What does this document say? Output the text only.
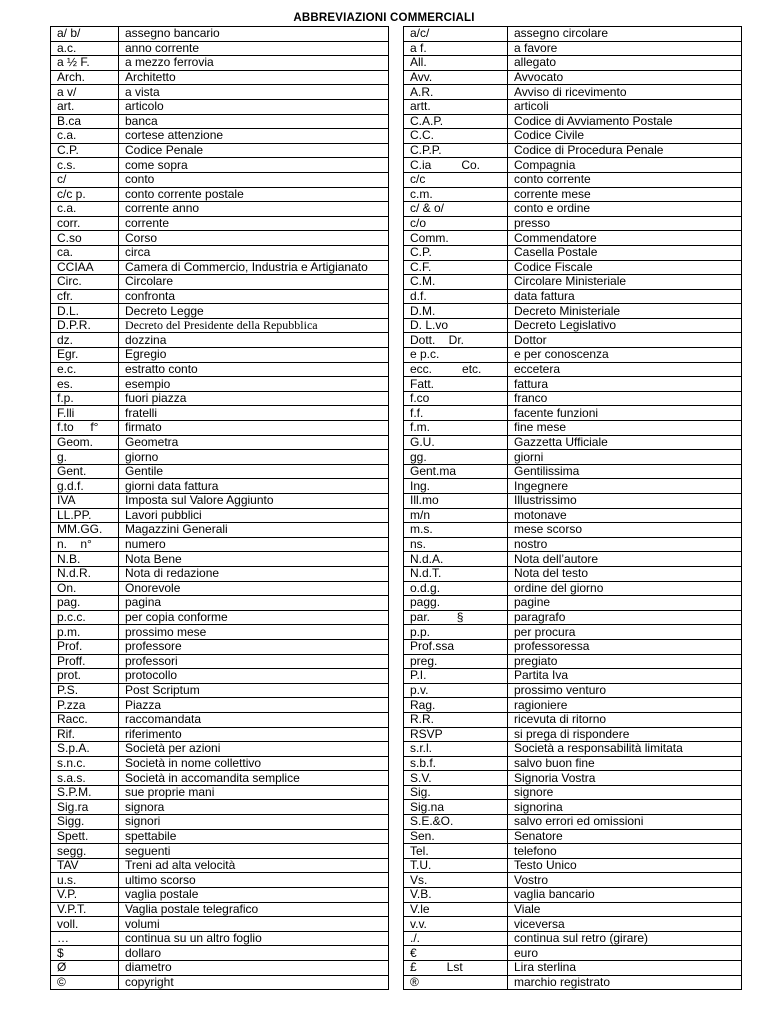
ABBREVIAZIONI COMMERCIALI
a/ b/	assegno bancario
a.c.	anno corrente
a ½ F.	a mezzo ferrovia
Arch.	Architetto
a v/	a vista
art.	articolo
B.ca	banca
c.a.	cortese attenzione
C.P.	Codice Penale
c.s.	come sopra
c/	conto
c/c p.	conto corrente postale
c.a.	corrente anno
corr.	corrente
C.so	Corso
ca.	circa
CCIAA	Camera di Commercio, Industria e Artigianato
Circ.	Circolare
cfr.	confronta
D.L.	Decreto Legge
D.P.R.	Decreto del Presidente della Repubblica
dz.	dozzina
Egr.	Egregio
e.c.	estratto conto
es.	esempio
f.p.	fuori piazza
F.lli	fratelli
f.to     f°	firmato
Geom.	Geometra
g.	giorno
Gent.	Gentile
g.d.f.	giorni data fattura
IVA	Imposta sul Valore Aggiunto
LL.PP.	Lavori pubblici
MM.GG.	Magazzini Generali
n.    n°	numero
N.B.	Nota Bene
N.d.R.	Nota di redazione
On.	Onorevole
pag.	pagina
p.c.c.	per copia conforme
p.m.	prossimo mese
Prof.	professore
Proff.	professori
prot.	protocollo
P.S.	Post Scriptum
P.zza	Piazza
Racc.	raccomandata
Rif.	riferimento
S.p.A.	Società per azioni
s.n.c.	Società in nome collettivo
s.a.s.	Società in accomandita semplice
S.P.M.	sue proprie mani
Sig.ra	signora
Sigg.	signori
Spett.	spettabile
segg.	seguenti
TAV	Treni ad alta velocità
u.s.	ultimo scorso
V.P.	vaglia postale
V.P.T.	Vaglia postale telegrafico
voll.	volumi
…	continua su un altro foglio
$	dollaro
Ø	diametro
©	copyright
a/c/	assegno circolare
a f.	a favore
All.	allegato
Avv.	Avvocato
A.R.	Avviso di ricevimento
artt.	articoli
C.A.P.	Codice di Avviamento Postale
C.C.	Codice Civile
C.P.P.	Codice di Procedura Penale
C.ia         Co.	Compagnia
c/c	conto corrente
c.m.	corrente mese
c/ & o/	conto e ordine
c/o	presso
Comm.	Commendatore
C.P.	Casella Postale
C.F.	Codice Fiscale
C.M.	Circolare Ministeriale
d.f.	data fattura
D.M.	Decreto Ministeriale
D. L.vo	Decreto Legislativo
Dott.    Dr.	Dottor
e p.c.	e per conoscenza
ecc.         etc.	eccetera
Fatt.	fattura
f.co	franco
f.f.	facente funzioni
f.m.	fine mese
G.U.	Gazzetta Ufficiale
gg.	giorni
Gent.ma	Gentilissima
Ing.	Ingegnere
Ill.mo	Illustrissimo
m/n	motonave
m.s.	mese scorso
ns.	nostro
N.d.A.	Nota dell’autore
N.d.T.	Nota del testo
o.d.g.	ordine del giorno
pagg.	pagine
par.        §	paragrafo
p.p.	per procura
Prof.ssa	professoressa
preg.	pregiato
P.I.	Partita Iva
p.v.	prossimo venturo
Rag.	ragioniere
R.R.	ricevuta di ritorno
RSVP	si prega di rispondere
s.r.l.	Società a responsabilità limitata
s.b.f.	salvo buon fine
S.V.	Signoria Vostra
Sig.	signore
Sig.na	signorina
S.E.&O.	salvo errori ed omissioni
Sen.	Senatore
Tel.	telefono
T.U.	Testo Unico
Vs.	Vostro
V.B.	vaglia bancario
V.le	Viale
v.v.	viceversa
./.	continua sul retro (girare)
€	euro
£         Lst	Lira sterlina
®	marchio registrato
